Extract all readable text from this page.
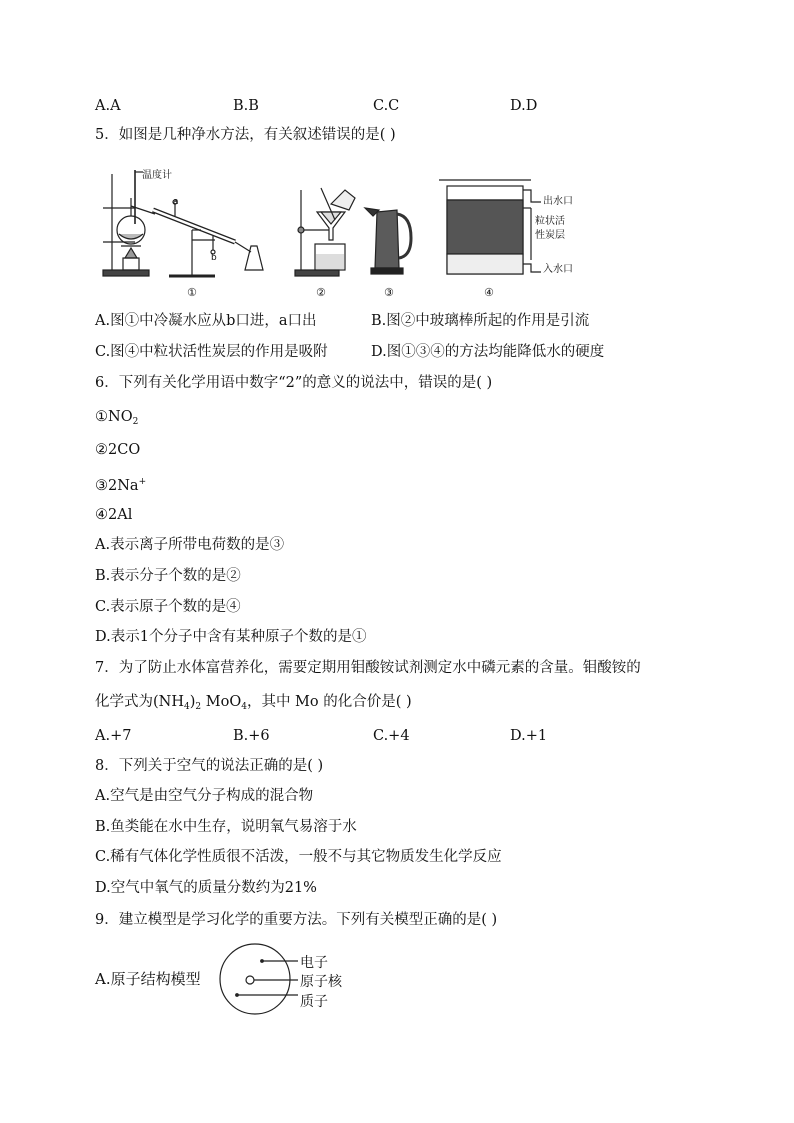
A.A	B.B	C.C	D.D
5．如图是几种净水方法，有关叙述错误的是( )
温度计
a
b
出水口
粒状活
性炭层
入水口
①	②	③	④
A.图①中冷凝水应从b口进，a口出	B.图②中玻璃棒所起的作用是引流
C.图④中粒状活性炭层的作用是吸附	D.图①③④的方法均能降低水的硬度
6．下列有关化学用语中数字“2”的意义的说法中，错误的是( )
$①NO_2$
②2CO
③2Na+
④2Al
A.表示离子所带电荷数的是③
B.表示分子个数的是②
C.表示原子个数的是④
D.表示1个分子中含有某种原子个数的是①
7．为了防止水体富营养化，需要定期用钼酸铵试剂测定水中磷元素的含量。钼酸铵的
化学式为$(NH_4)_2$ MoO$_4$，其中 Mo 的化合价是( )
A.+7	B.+6	C.+4	D.+1
8．下列关于空气的说法正确的是( )
A.空气是由空气分子构成的混合物
B.鱼类能在水中生存，说明氧气易溶于水
C.稀有气体化学性质很不活泼，一般不与其它物质发生化学反应
D.空气中氧气的质量分数约为21%
9．建立模型是学习化学的重要方法。下列有关模型正确的是( )
A.原子结构模型
电子
原子核
质子
